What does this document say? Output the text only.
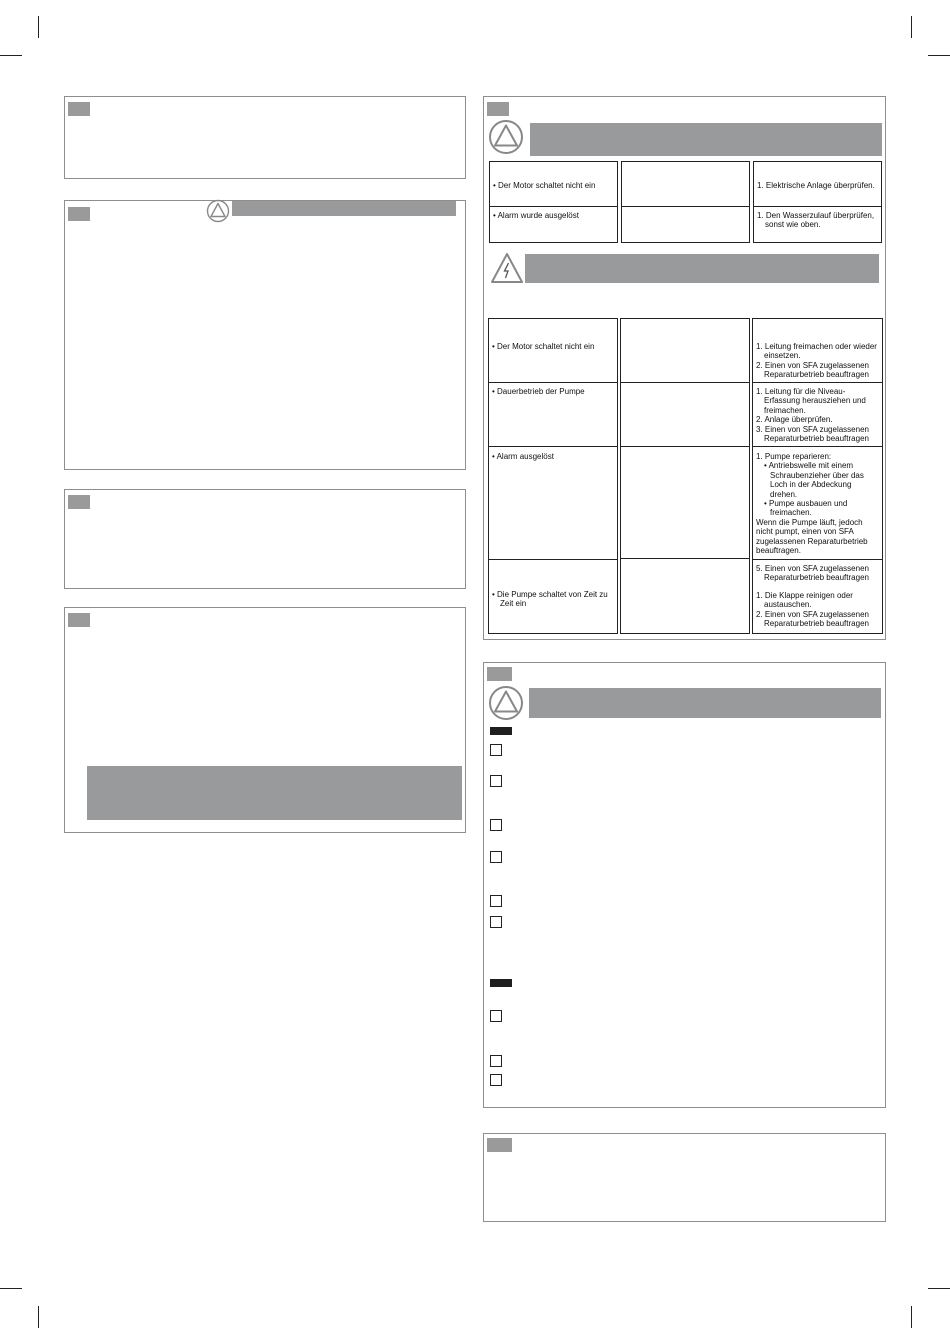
• Der Motor schaltet nicht ein	1. Elektrische Anlage überprüfen.
• Alarm wurde ausgelöst	1. Den Wasserzulauf überprüfen,
sonst wie oben.
• Der Motor schaltet nicht ein	1. Leitung freimachen oder wieder
einsetzen.
2. Einen von SFA zugelassenen
Reparaturbetrieb beauftragen
• Dauerbetrieb der Pumpe	1. Leitung für die Niveau-
Erfassung herausziehen und
freimachen.
2. Anlage überprüfen.
3. Einen von SFA zugelassenen
Reparaturbetrieb beauftragen
• Alarm ausgelöst	1. Pumpe reparieren:
• Antriebswelle mit einem
Schraubenzieher über das
Loch in der Abdeckung
drehen.
• Pumpe ausbauen und
freimachen.
Wenn die Pumpe läuft, jedoch
nicht pumpt, einen von SFA
zugelassenen Reparaturbetrieb
beauftragen.
• Die Pumpe schaltet von Zeit zu
Zeit ein
5. Einen von SFA zugelassenen
Reparaturbetrieb beauftragen
1. Die Klappe reinigen oder
austauschen.
2. Einen von SFA zugelassenen
Reparaturbetrieb beauftragen
